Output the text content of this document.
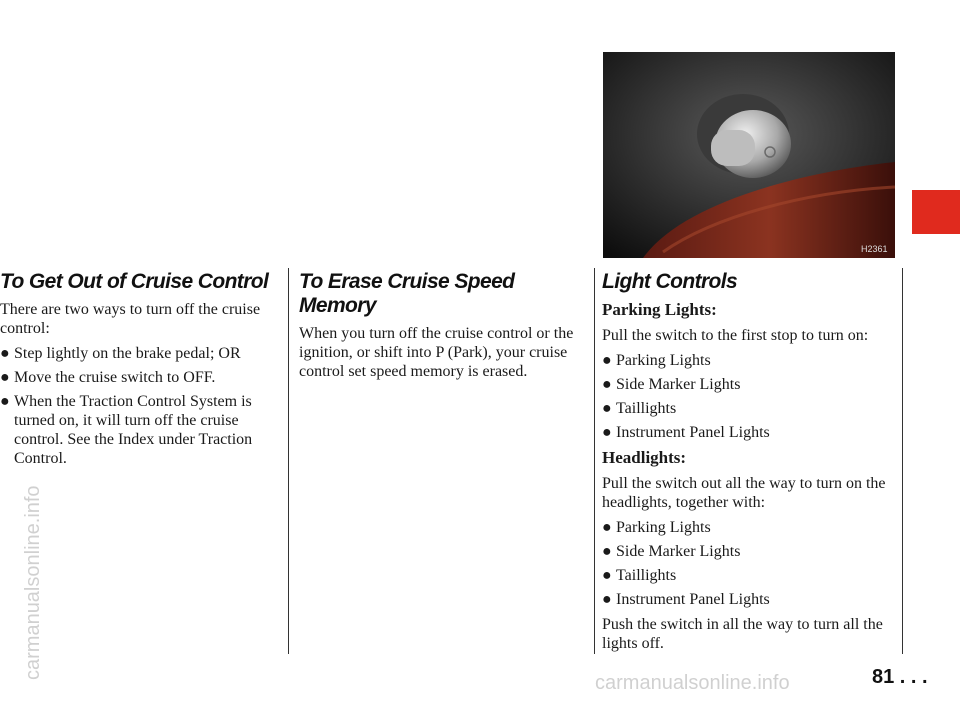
H2361
To Get Out of Cruise Control

There are two ways to turn off the cruise control:

● Step lightly on the brake pedal; OR
● Move the cruise switch to OFF.
● When the Traction Control System is turned on, it will turn off the cruise control. See the Index under Traction Control.
To Erase Cruise Speed Memory

When you turn off the cruise control or the ignition, or shift into P (Park), your cruise control set speed memory is erased.

Light Controls
Parking Lights:

Pull the switch to the first stop to turn on:

● Parking Lights
● Side Marker Lights
● Taillights
● Instrument Panel Lights
Headlights:

Pull the switch out all the way to turn on the headlights, together with:

● Parking Lights
● Side Marker Lights
● Taillights
● Instrument Panel Lights

Push the switch in all the way to turn all the lights off.

81 . . .
carmanualsonline.info
carmanualsonline.info
